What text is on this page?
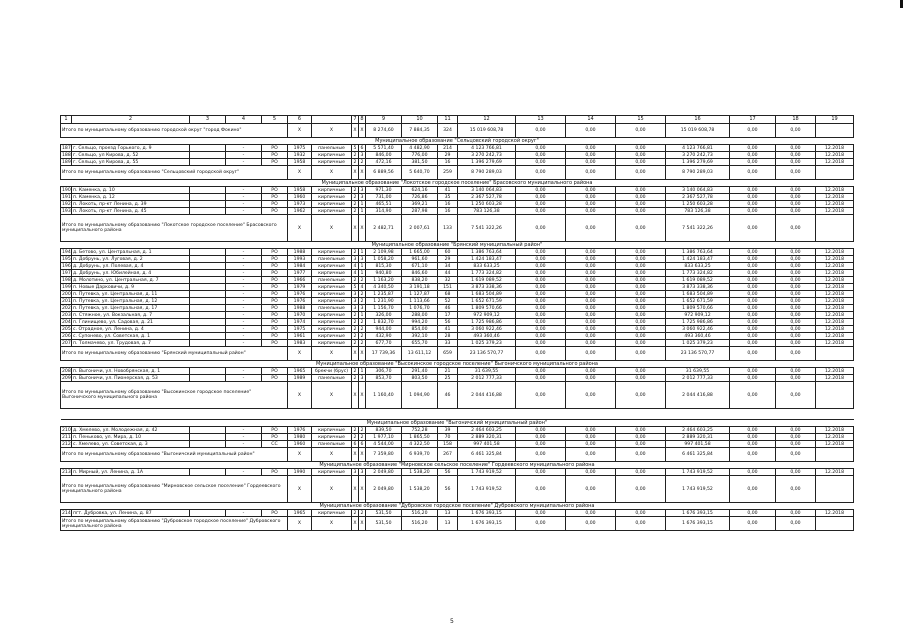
1	2	3	4	5	6		7	8	9	10	11	12	13	14	15	16	17	18	19
Итого по муниципальному образованию городской округ "город Фокино"					X	X	X	X	8 274,60	7 884,35	324	15 019 608,78	0,00	0,00	0,00	15 019 608,78	0,00	0,00	
Муниципальное образование "Сельцовский городской округ"																			
187	г. Сельцо, проезд Горького, д. 9		-	РО	1975	панельные	5	6	5 571,40	4 482,90	214	4 123 766,81	0,00	0,00	0,00	4 123 766,81	0,00	0,00	12.2018
188	г. Сельцо, ул Кирова, д. 52		-	РО	1932	кирпичные	2	3	846,00	776,00	29	3 270 242,73	0,00	0,00	0,00	3 270 242,73	0,00	0,00	12.2018
189	г. Сельцо, ул Кирова, д. 55		-	РО	1958	кирпичные	2	2	472,16	381,50	16	1 396 279,69	0,00	0,00	0,00	1 396 279,69	0,00	0,00	12.2018
Итого по муниципальному образованию "Сельцовский городской округ"					X	X	X	X	6 889,56	5 640,70	259	8 790 289,03	0,00	0,00	0,00	8 790 289,03	0,00	0,00	
Муниципальное образование "Локотское городское поселение" Брасовского муниципального района																			
190	п. Каменка, д. 10		-	РО	1958	кирпичные	2	3	971,30	624,16	41	3 140 064,83	0,00	0,00	0,00	3 140 064,83	0,00	0,00	12.2018
191	п. Каменка, д. 12		-	РО	1960	кирпичные	2	3	731,00	726,86	35	2 367 527,78	0,00	0,00	0,00	2 367 527,78	0,00	0,00	12.2018
192	п. Локоть, пр-кт Ленина, д. 39		-	РО	1973	кирпичные	2	1	465,51	369,21	16	1 250 603,28	0,00	0,00	0,00	1 250 603,28	0,00	0,00	12.2018
193	п. Локоть, пр-кт Ленина, д. 45		-	РО	1962	кирпичные	2	1	314,90	287,98	16	783 126,38	0,00	0,00	0,00	783 126,38	0,00	0,00	12.2018
Итого по муниципальному образованию "Локотское городское поселение" Брасовского муниципального района					X	X	X	X	2 482,71	2 007,61	133	7 541 322,26	0,00	0,00	0,00	7 541 322,26	0,00	0,00	
Муниципальное образование "Брянский муниципальный район"																			
194	д. Бетово, ул. Центральная, д. 1		-	РО	1988	кирпичные	2	1	2 109,98	1 665,00	60	1 386 763,64	0,00	0,00	0,00	1 386 763,64	0,00	0,00	12.2018
195	п. Добрунь, ул. Луговая, д. 2		-	РО	1993	панельные	3	3	1 058,20	961,60	29	1 424 183,47	0,00	0,00	0,00	1 424 183,47	0,00	0,00	12.2018
196	д. Добрунь, ул. Полевая, д. 4		-	РО	1984	кирпичные	4	1	815,30	671,10	34	833 633,25	0,00	0,00	0,00	833 633,25	0,00	0,00	12.2018
197	д. Добрунь, ул. Юбилейная, д. 4		-	РО	1977	кирпичные	4	1	940,80	846,60	44	1 773 324,82	0,00	0,00	0,00	1 773 324,82	0,00	0,00	12.2018
198	д. Молотино, ул. Центральная, д. 7		-	РО	1966	панельные	2	2	1 163,20	838,20	32	1 619 089,52	0,00	0,00	0,00	1 619 089,52	0,00	0,00	12.2018
199	п. Новые Дарковичи, д. 9		-	РО	1979	кирпичные	5	4	4 340,50	3 191,18	151	3 873 338,36	0,00	0,00	0,00	3 873 338,36	0,00	0,00	12.2018
200	п. Путевка, ул. Центральная, д. 11		-	РО	1976	кирпичные	3	2	1 235,87	1 127,87	68	1 683 504,89	0,00	0,00	0,00	1 683 504,89	0,00	0,00	12.2018
201	п. Путевка, ул. Центральная, д. 12		-	РО	1976	кирпичные	3	2	1 231,90	1 113,66	52	1 652 671,59	0,00	0,00	0,00	1 652 671,59	0,00	0,00	12.2018
202	п. Путевка, ул. Центральная, д. 17		-	РО	1988	панельные	3	3	1 156,70	1 076,70	46	1 809 570,66	0,00	0,00	0,00	1 809 570,66	0,00	0,00	12.2018
203	п. Стяжное, ул. Вокзальная, д. 7		-	РО	1970	кирпичные	2	1	326,00	288,00	17	972 909,12	0,00	0,00	0,00	972 909,12	0,00	0,00	12.2018
204	п. Глинищево, ул. Садовая, д. 21		-	РО	1974	кирпичные	2	2	1 832,70	994,20	56	1 725 986,86	0,00	0,00	0,00	1 725 986,86	0,00	0,00	12.2018
205	с. Отрадное, ул. Ленина, д. 4		-	РО	1975	кирпичные	2	2	944,00	854,00	41	3 060 922,46	0,00	0,00	0,00	3 060 922,46	0,00	0,00	12.2018
206	с. Супонево, ул. Советская, д. 1		-	РО	1961	кирпичные	2	2	432,90	392,10	28	493 360,46	0,00	0,00	0,00	493 360,46	0,00	0,00	12.2018
207	п. Толмачево, ул. Трудовая, д. 7		-	РО	1983	кирпичные	2	2	677,70	655,70	33	1 025 379,23	0,00	0,00	0,00	1 025 379,23	0,00	0,00	12.2018
Итого по муниципальному образованию "Брянский муниципальный район"					X	X	X	X	17 739,36	13 611,12	659	23 136 570,77	0,00	0,00	0,00	23 136 570,77	0,00	0,00	
Муниципальное образование "Высокинское городское поселение" Выгоничского муниципального района																			
208	п. Выгоничи, ул. Новобрянская, д. 1		-	РО	1965	брекчи (брус)	2	1	306,70	291,40	21	31 639,55	0,00	0,00	0,00	31 639,55	0,00	0,00	12.2018
209	п. Выгоничи, ул. Пионерская, д. 53		-	РО	1989	панельные	2	3	853,70	803,50	25	2 012 777,33	0,00	0,00	0,00	2 012 777,33	0,00	0,00	12.2018
Итого по муниципальному образованию "Высокинское городское поселение" Выгоничского муниципального района					X	X	X	X	1 160,40	1 094,90	46	2 044 416,88	0,00	0,00	0,00	2 044 416,88	0,00	0,00	

Муниципальное образование "Выгоничский муниципальный район"																			
210	д. Хмелево, ул. Молодежная, д. 42		-	РО	1976	кирпичные	2	2	839,50	752,28	39	2 464 603,25	0,00	0,00	0,00	2 464 603,25	0,00	0,00	12.2018
211	п. Пеньково, ул. Мира, д. 10		-	РО	1980	кирпичные	2	2	1 977,10	1 865,50	70	2 889 320,31	0,00	0,00	0,00	2 889 320,31	0,00	0,00	12.2018
212	с. Хмелево, ул. Советская, д. 3		-	СС	1960	панельные	6	6	4 544,00	4 322,50	158	997 401,58	0,00	0,00	0,00	997 401,58	0,00	0,00	12.2018
Итого по муниципальному образованию "Выгоничский муниципальный район"					X	X	X	X	7 359,80	6 939,70	267	6 461 325,84	0,00	0,00	0,00	6 461 325,84	0,00	0,00	
Муниципальное образование "Мирновское сельское поселение" Гордеевского муниципального района																			
213	п. Мирный, ул. Ленина, д. 1А		-	РО	1990	кирпичные	3	3	2 049,80	1 538,20	56	1 743 919,52	0,00	0,00	0,00	1 743 919,52	0,00	0,00	12.2018
Итого по муниципальному образованию "Мирновское сельское поселение" Гордеевского муниципального района					X	X	X	X	2 049,80	1 538,20	56	1 743 919,52	0,00	0,00	0,00	1 743 919,52	0,00	0,00	
Муниципальное образование "Дубровское городское поселение" Дубровского муниципального района																			
214	пгт. Дубровка, ул. Ленина, д. 87		-	РО	1965	кирпичные	2	2	531,50	516,20	13	1 676 393,15	0,00	0,00	0,00	1 676 393,15	0,00	0,00	12.2018
Итого по муниципальному образованию "Дубровское городское поселение" Дубровского муниципального района					X	X	X	X	531,50	516,20	13	1 676 393,15	0,00	0,00	0,00	1 676 393,15	0,00	0,00	
5
